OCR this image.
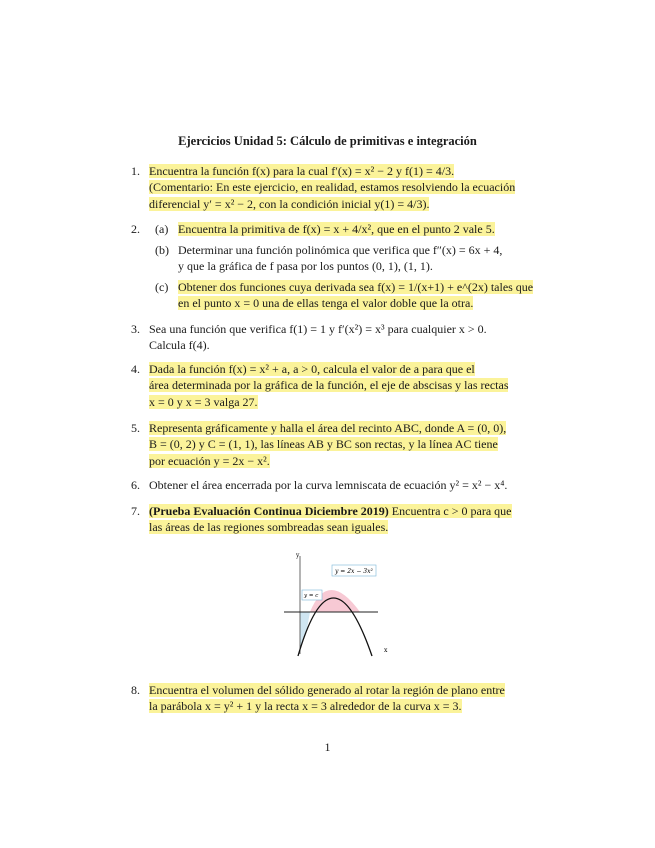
Ejercicios Unidad 5: Cálculo de primitivas e integración
1. Encuentra la función f(x) para la cual f′(x) = x² − 2 y f(1) = 4/3.
(Comentario: En este ejercicio, en realidad, estamos resolviendo la ecuación
diferencial y′ = x² − 2, con la condición inicial y(1) = 4/3).
2.	(a) Encuentra la primitiva de f(x) = x + 4/x², que en el punto 2 vale 5.
(b) Determinar una función polinómica que verifica que f″(x) = 6x + 4,
y que la gráfica de f pasa por los puntos (0, 1), (1, 1).
(c) Obtener dos funciones cuya derivada sea f(x) = 1/(x+1) + e^(2x) tales que
en el punto x = 0 una de ellas tenga el valor doble que la otra.
3. Sea una función que verifica f(1) = 1 y f′(x²) = x³ para cualquier x > 0.
Calcula f(4).
4. Dada la función f(x) = x² + a, a > 0, calcula el valor de a para que el
área determinada por la gráfica de la función, el eje de abscisas y las rectas
x = 0 y x = 3 valga 27.
5. Representa gráficamente y halla el área del recinto ABC, donde A = (0, 0),
B = (0, 2) y C = (1, 1), las líneas AB y BC son rectas, y la línea AC tiene
por ecuación y = 2x − x².
6. Obtener el área encerrada por la curva lemniscata de ecuación y² = x² − x⁴.
7. (Prueba Evaluación Continua Diciembre 2019) Encuentra c > 0 para que
las áreas de las regiones sombreadas sean iguales.
y
x
y = 2x − 3x²
y = c
8. Encuentra el volumen del sólido generado al rotar la región de plano entre
la parábola x = y² + 1 y la recta x = 3 alrededor de la curva x = 3.
1
